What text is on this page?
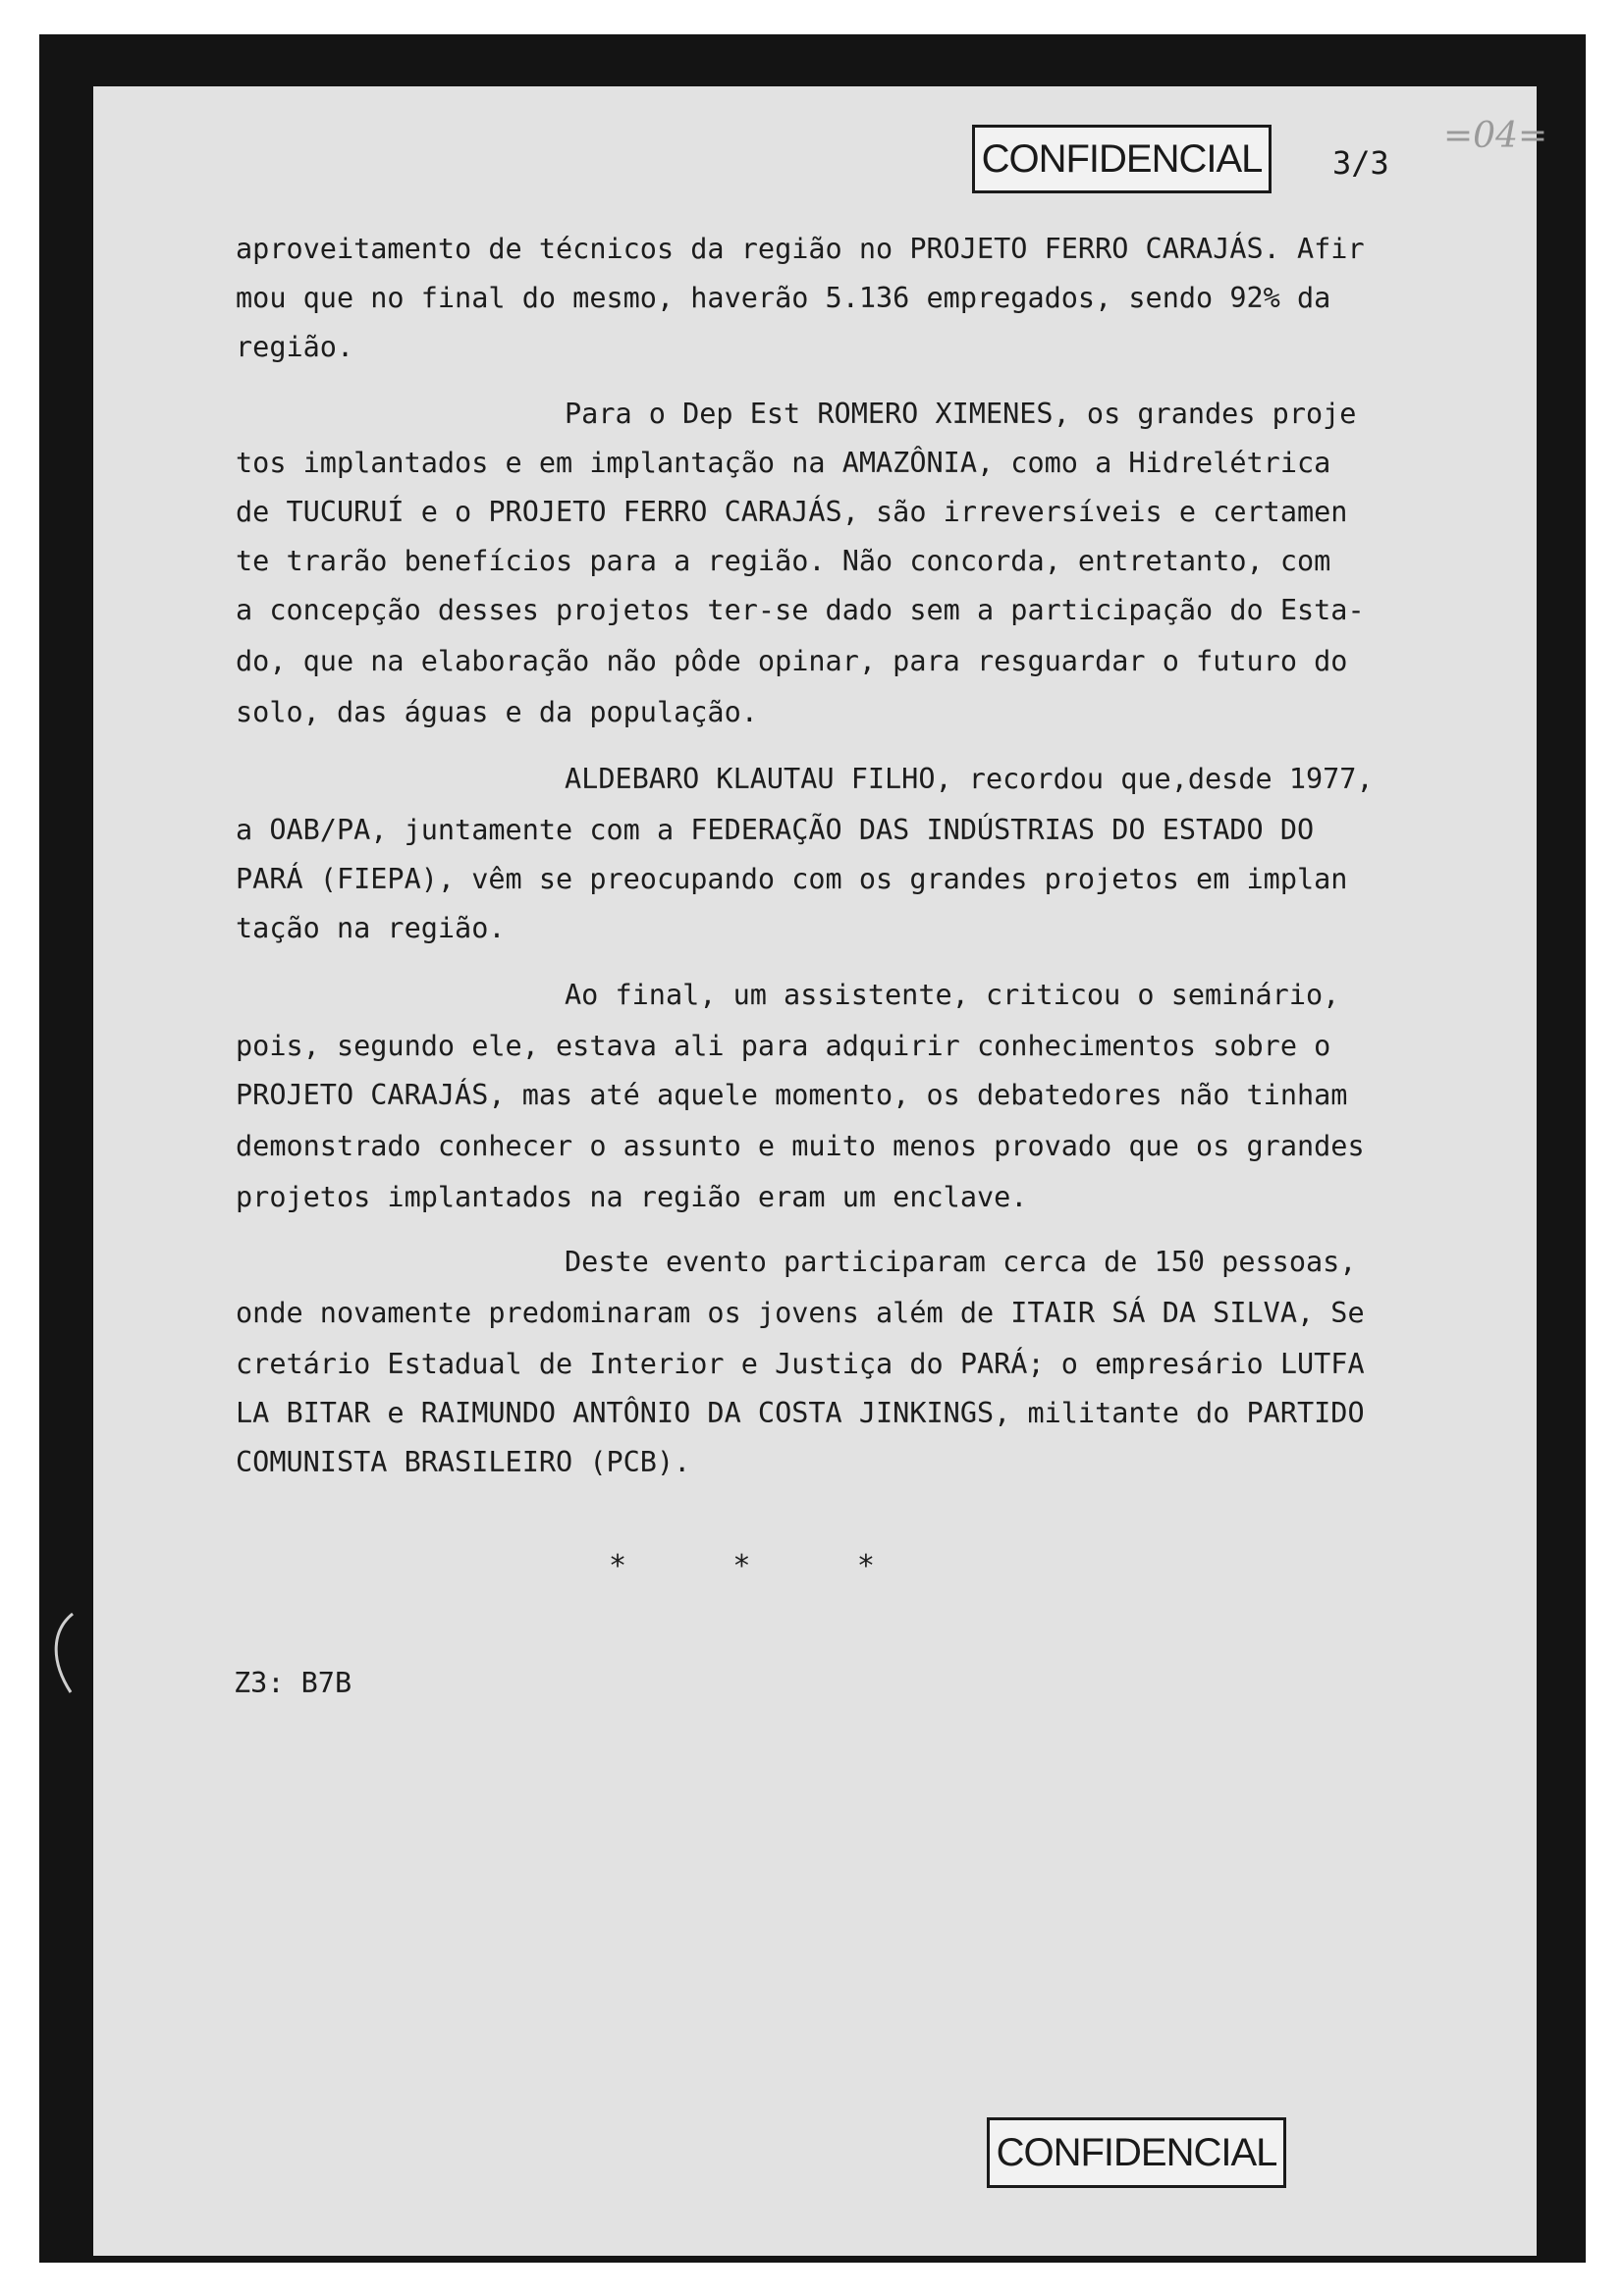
CONFIDENCIAL 3/3
=04=
aproveitamento de técnicos da região no PROJETO FERRO CARAJÁS. Afir
mou que no final do mesmo, haverão 5.136 empregados, sendo 92% da
região.
Para o Dep Est ROMERO XIMENES, os grandes proje
tos implantados e em implantação na AMAZÔNIA, como a Hidrelétrica
de TUCURUÍ e o PROJETO FERRO CARAJÁS, são irreversíveis e certamen
te trarão benefícios para a região. Não concorda, entretanto, com
a concepção desses projetos ter-se dado sem a participação do Esta-
do, que na elaboração não pôde opinar, para resguardar o futuro do
solo, das águas e da população.
ALDEBARO KLAUTAU FILHO, recordou que,desde 1977,
a OAB/PA, juntamente com a FEDERAÇÃO DAS INDÚSTRIAS DO ESTADO DO
PARÁ (FIEPA), vêm se preocupando com os grandes projetos em implan
tação na região.
Ao final, um assistente, criticou o seminário,
pois, segundo ele, estava ali para adquirir conhecimentos sobre o
PROJETO CARAJÁS, mas até aquele momento, os debatedores não tinham
demonstrado conhecer o assunto e muito menos provado que os grandes
projetos implantados na região eram um enclave.
Deste evento participaram cerca de 150 pessoas,
onde novamente predominaram os jovens além de ITAIR SÁ DA SILVA, Se
cretário Estadual de Interior e Justiça do PARÁ; o empresário LUTFA
LA BITAR e RAIMUNDO ANTÔNIO DA COSTA JINKINGS, militante do PARTIDO
COMUNISTA BRASILEIRO (PCB).
*      *      *
Z3: B7B
CONFIDENCIAL
